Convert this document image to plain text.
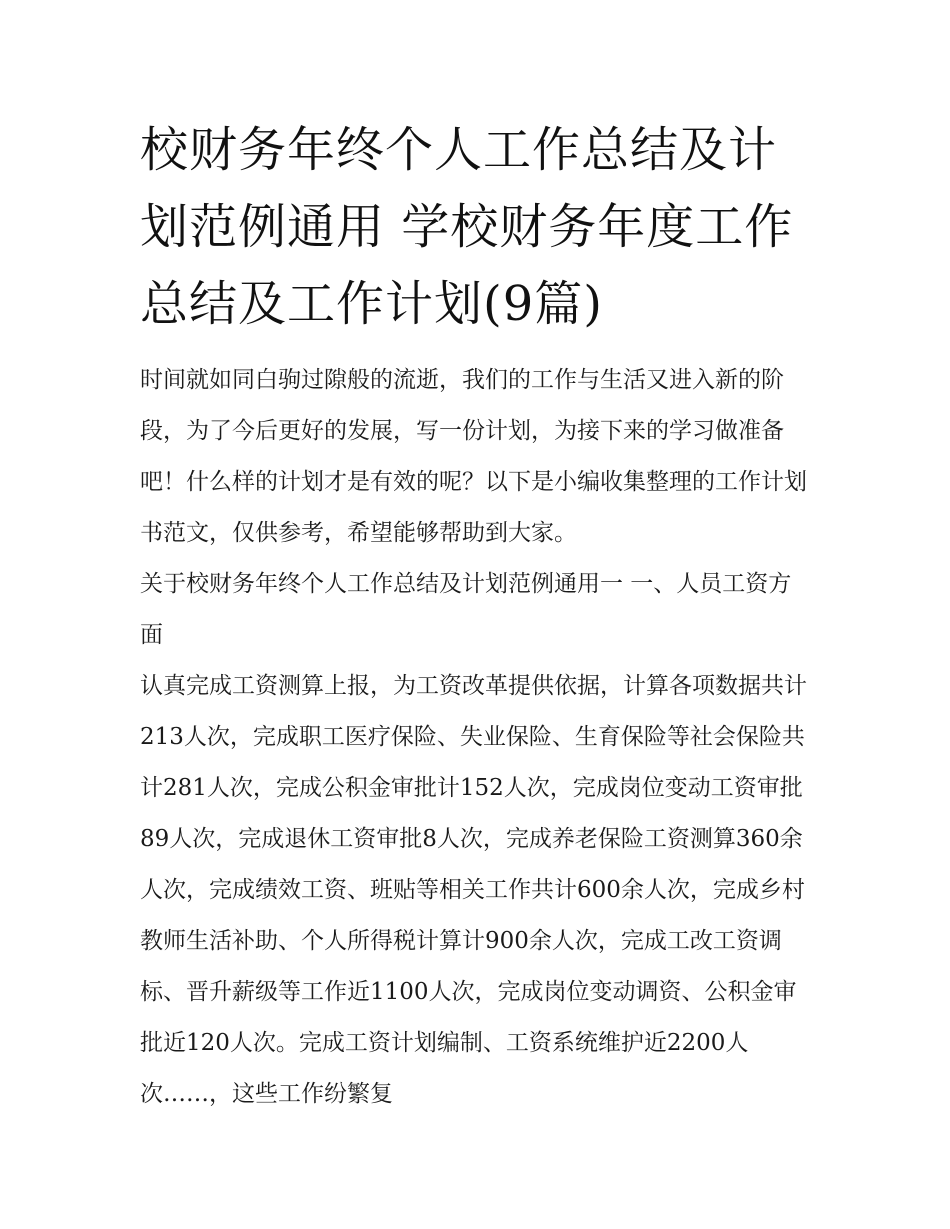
校财务年终个人工作总结及计划范例通用 学校财务年度工作总结及工作计划(9篇)

时间就如同白驹过隙般的流逝，我们的工作与生活又进入新的阶段，为了今后更好的发展，写一份计划，为接下来的学习做准备吧！什么样的计划才是有效的呢？以下是小编收集整理的工作计划书范文，仅供参考，希望能够帮助到大家。

关于校财务年终个人工作总结及计划范例通用一 一、人员工资方面

认真完成工资测算上报，为工资改革提供依据，计算各项数据共计213人次，完成职工医疗保险、失业保险、生育保险等社会保险共计281人次，完成公积金审批计152人次，完成岗位变动工资审批89人次，完成退休工资审批8人次，完成养老保险工资测算360余人次，完成绩效工资、班贴等相关工作共计600余人次，完成乡村教师生活补助、个人所得税计算计900余人次，完成工改工资调标、晋升薪级等工作近1100人次，完成岗位变动调资、公积金审批近120人次。完成工资计划编制、工资系统维护近2200人次……，这些工作纷繁复
